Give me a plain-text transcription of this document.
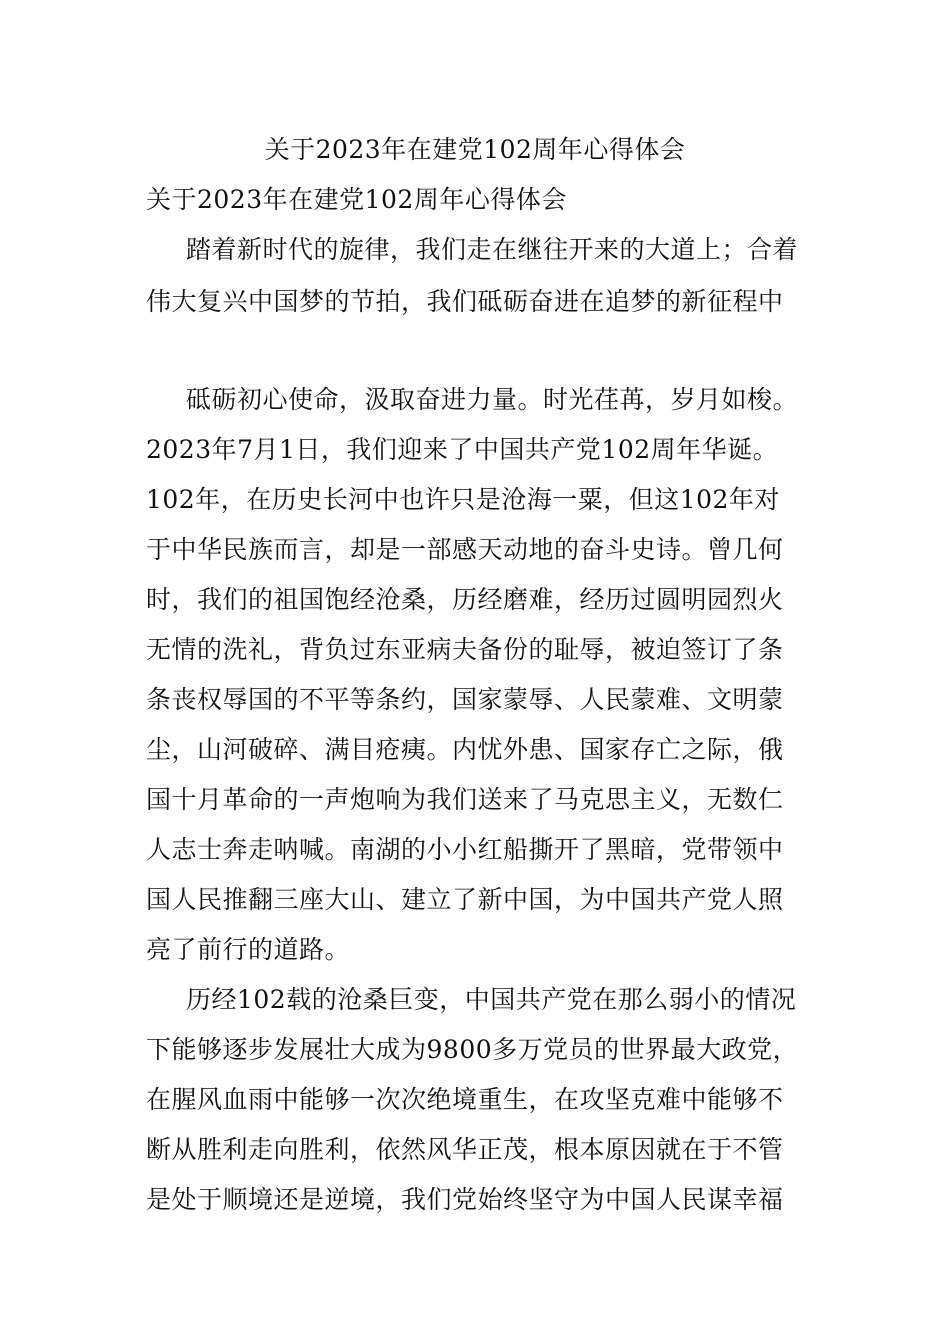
关于2023年在建党102周年心得体会
关于2023年在建党102周年心得体会
踏着新时代的旋律，我们走在继往开来的大道上；合着
伟大复兴中国梦的节拍，我们砥砺奋进在追梦的新征程中
砥砺初心使命，汲取奋进力量。时光荏苒，岁月如梭。
2023年7月1日，我们迎来了中国共产党102周年华诞。
102年，在历史长河中也许只是沧海一粟，但这102年对
于中华民族而言，却是一部感天动地的奋斗史诗。曾几何
时，我们的祖国饱经沧桑，历经磨难，经历过圆明园烈火
无情的洗礼，背负过东亚病夫备份的耻辱，被迫签订了条
条丧权辱国的不平等条约，国家蒙辱、人民蒙难、文明蒙
尘，山河破碎、满目疮痍。内忧外患、国家存亡之际，俄
国十月革命的一声炮响为我们送来了马克思主义，无数仁
人志士奔走呐喊。南湖的小小红船撕开了黑暗，党带领中
国人民推翻三座大山、建立了新中国，为中国共产党人照
亮了前行的道路。
历经102载的沧桑巨变，中国共产党在那么弱小的情况
下能够逐步发展壮大成为9800多万党员的世界最大政党，
在腥风血雨中能够一次次绝境重生，在攻坚克难中能够不
断从胜利走向胜利，依然风华正茂，根本原因就在于不管
是处于顺境还是逆境，我们党始终坚守为中国人民谋幸福
